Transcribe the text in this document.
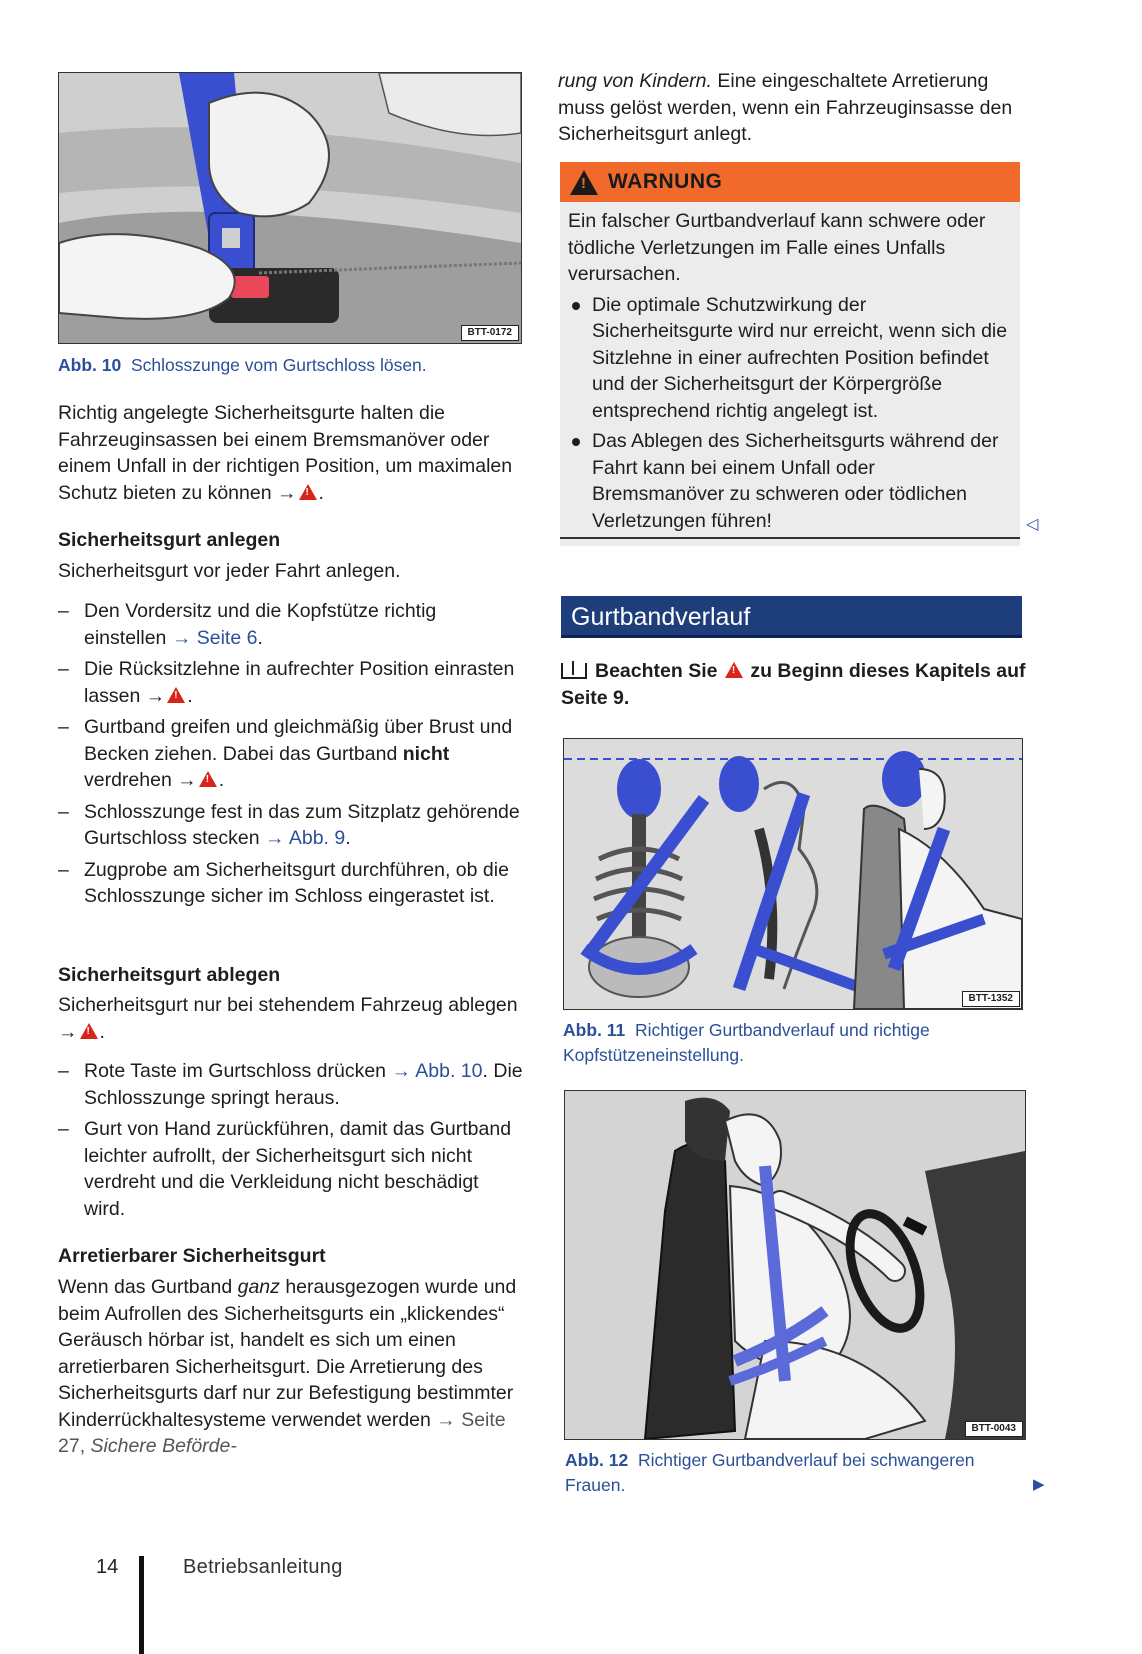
BTT-0172
Abb. 10 Schlosszunge vom Gurtschloss lösen.

Richtig angelegte Sicherheitsgurte halten die Fahrzeuginsassen bei einem Bremsmanöver oder einem Unfall in der richtigen Position, um maximalen Schutz bieten zu können → ! .

Sicherheitsgurt anlegen

Sicherheitsgurt vor jeder Fahrt anlegen.

– Den Vordersitz und die Kopfstütze richtig einstellen → Seite 6.
– Die Rücksitzlehne in aufrechter Position einrasten lassen → ! .
– Gurtband greifen und gleichmäßig über Brust und Becken ziehen. Dabei das Gurtband nicht verdrehen → ! .
– Schlosszunge fest in das zum Sitzplatz gehörende Gurtschloss stecken → Abb. 9.
– Zugprobe am Sicherheitsgurt durchführen, ob die Schlosszunge sicher im Schloss eingerastet ist.
Sicherheitsgurt ablegen

Sicherheitsgurt nur bei stehendem Fahrzeug ablegen → ! .

– Rote Taste im Gurtschloss drücken → Abb. 10. Die Schlosszunge springt heraus.
– Gurt von Hand zurückführen, damit das Gurtband leichter aufrollt, der Sicherheitsgurt sich nicht verdreht und die Verkleidung nicht beschädigt wird.
Arretierbarer Sicherheitsgurt

Wenn das Gurtband ganz herausgezogen wurde und beim Aufrollen des Sicherheitsgurts ein „klickendes“ Geräusch hörbar ist, handelt es sich um einen arretierbaren Sicherheitsgurt. Die Arretierung des Sicherheitsgurts darf nur zur Befestigung bestimmter Kinderrückhaltesysteme verwendet werden → Seite 27, Sichere Beförde-

rung von Kindern. Eine eingeschaltete Arretierung muss gelöst werden, wenn ein Fahrzeuginsasse den Sicherheitsgurt anlegt.

!
WARNUNG

Ein falscher Gurtbandverlauf kann schwere oder tödliche Verletzungen im Falle eines Unfalls verursachen.

Die optimale Schutzwirkung der Sicherheitsgurte wird nur erreicht, wenn sich die Sitzlehne in einer aufrechten Position befindet und der Sicherheitsgurt der Körpergröße entsprechend richtig angelegt ist.
Das Ablegen des Sicherheitsgurts während der Fahrt kann bei einem Unfall oder Bremsmanöver zu schweren oder tödlichen Verletzungen führen!	◁
Gurtbandverlauf
Beachten Sie ! zu Beginn dieses Kapitels auf Seite 9.
BTT-1352
Abb. 11 Richtiger Gurtbandverlauf und richtige Kopfstützeneinstellung.
BTT-0043
Abb. 12 Richtiger Gurtbandverlauf bei schwangeren Frauen.	▶
14	Betriebsanleitung
